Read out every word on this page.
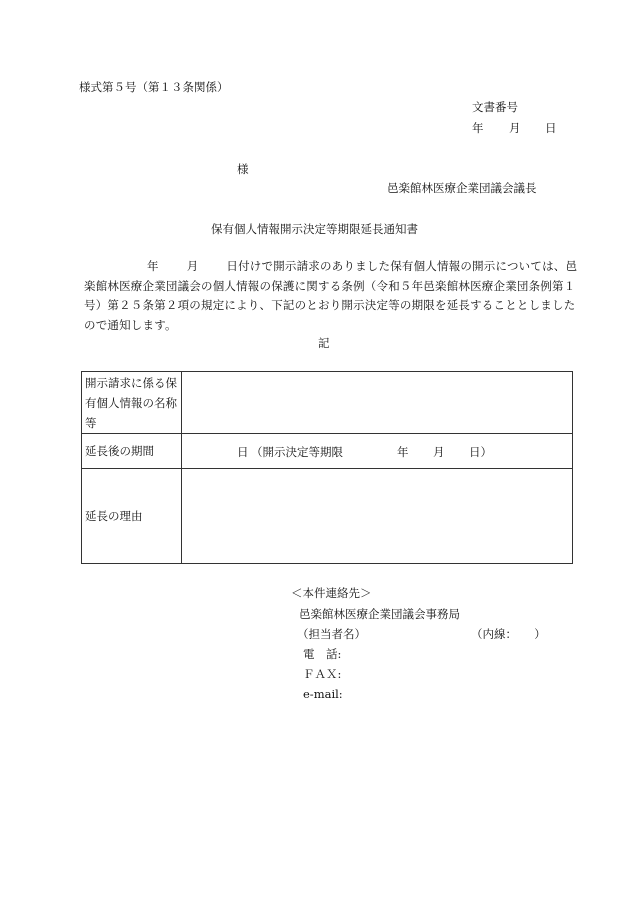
様式第５号（第１３条関係）
文書番号
年 月 日
様
邑楽館林医療企業団議会議長
保有個人情報開示決定等期限延長通知書
年 月 日付けで開示請求のありました保有個人情報の開示については、邑楽館林医療企業団議会の個人情報の保護に関する条例（令和５年邑楽館林医療企業団条例第１号）第２５条第２項の規定により、下記のとおり開示決定等の期限を延長することとしましたので通知します。
記
開示請求に係る保有個人情報の名称等	
延長後の期間	日 （開示決定等期限 年 月 日）

延長の理由	
＜本件連絡先＞
邑楽館林医療企業団議会事務局
（担当者名）	（内線：　　）
電　話:
ＦＡＸ:
e-mail:
